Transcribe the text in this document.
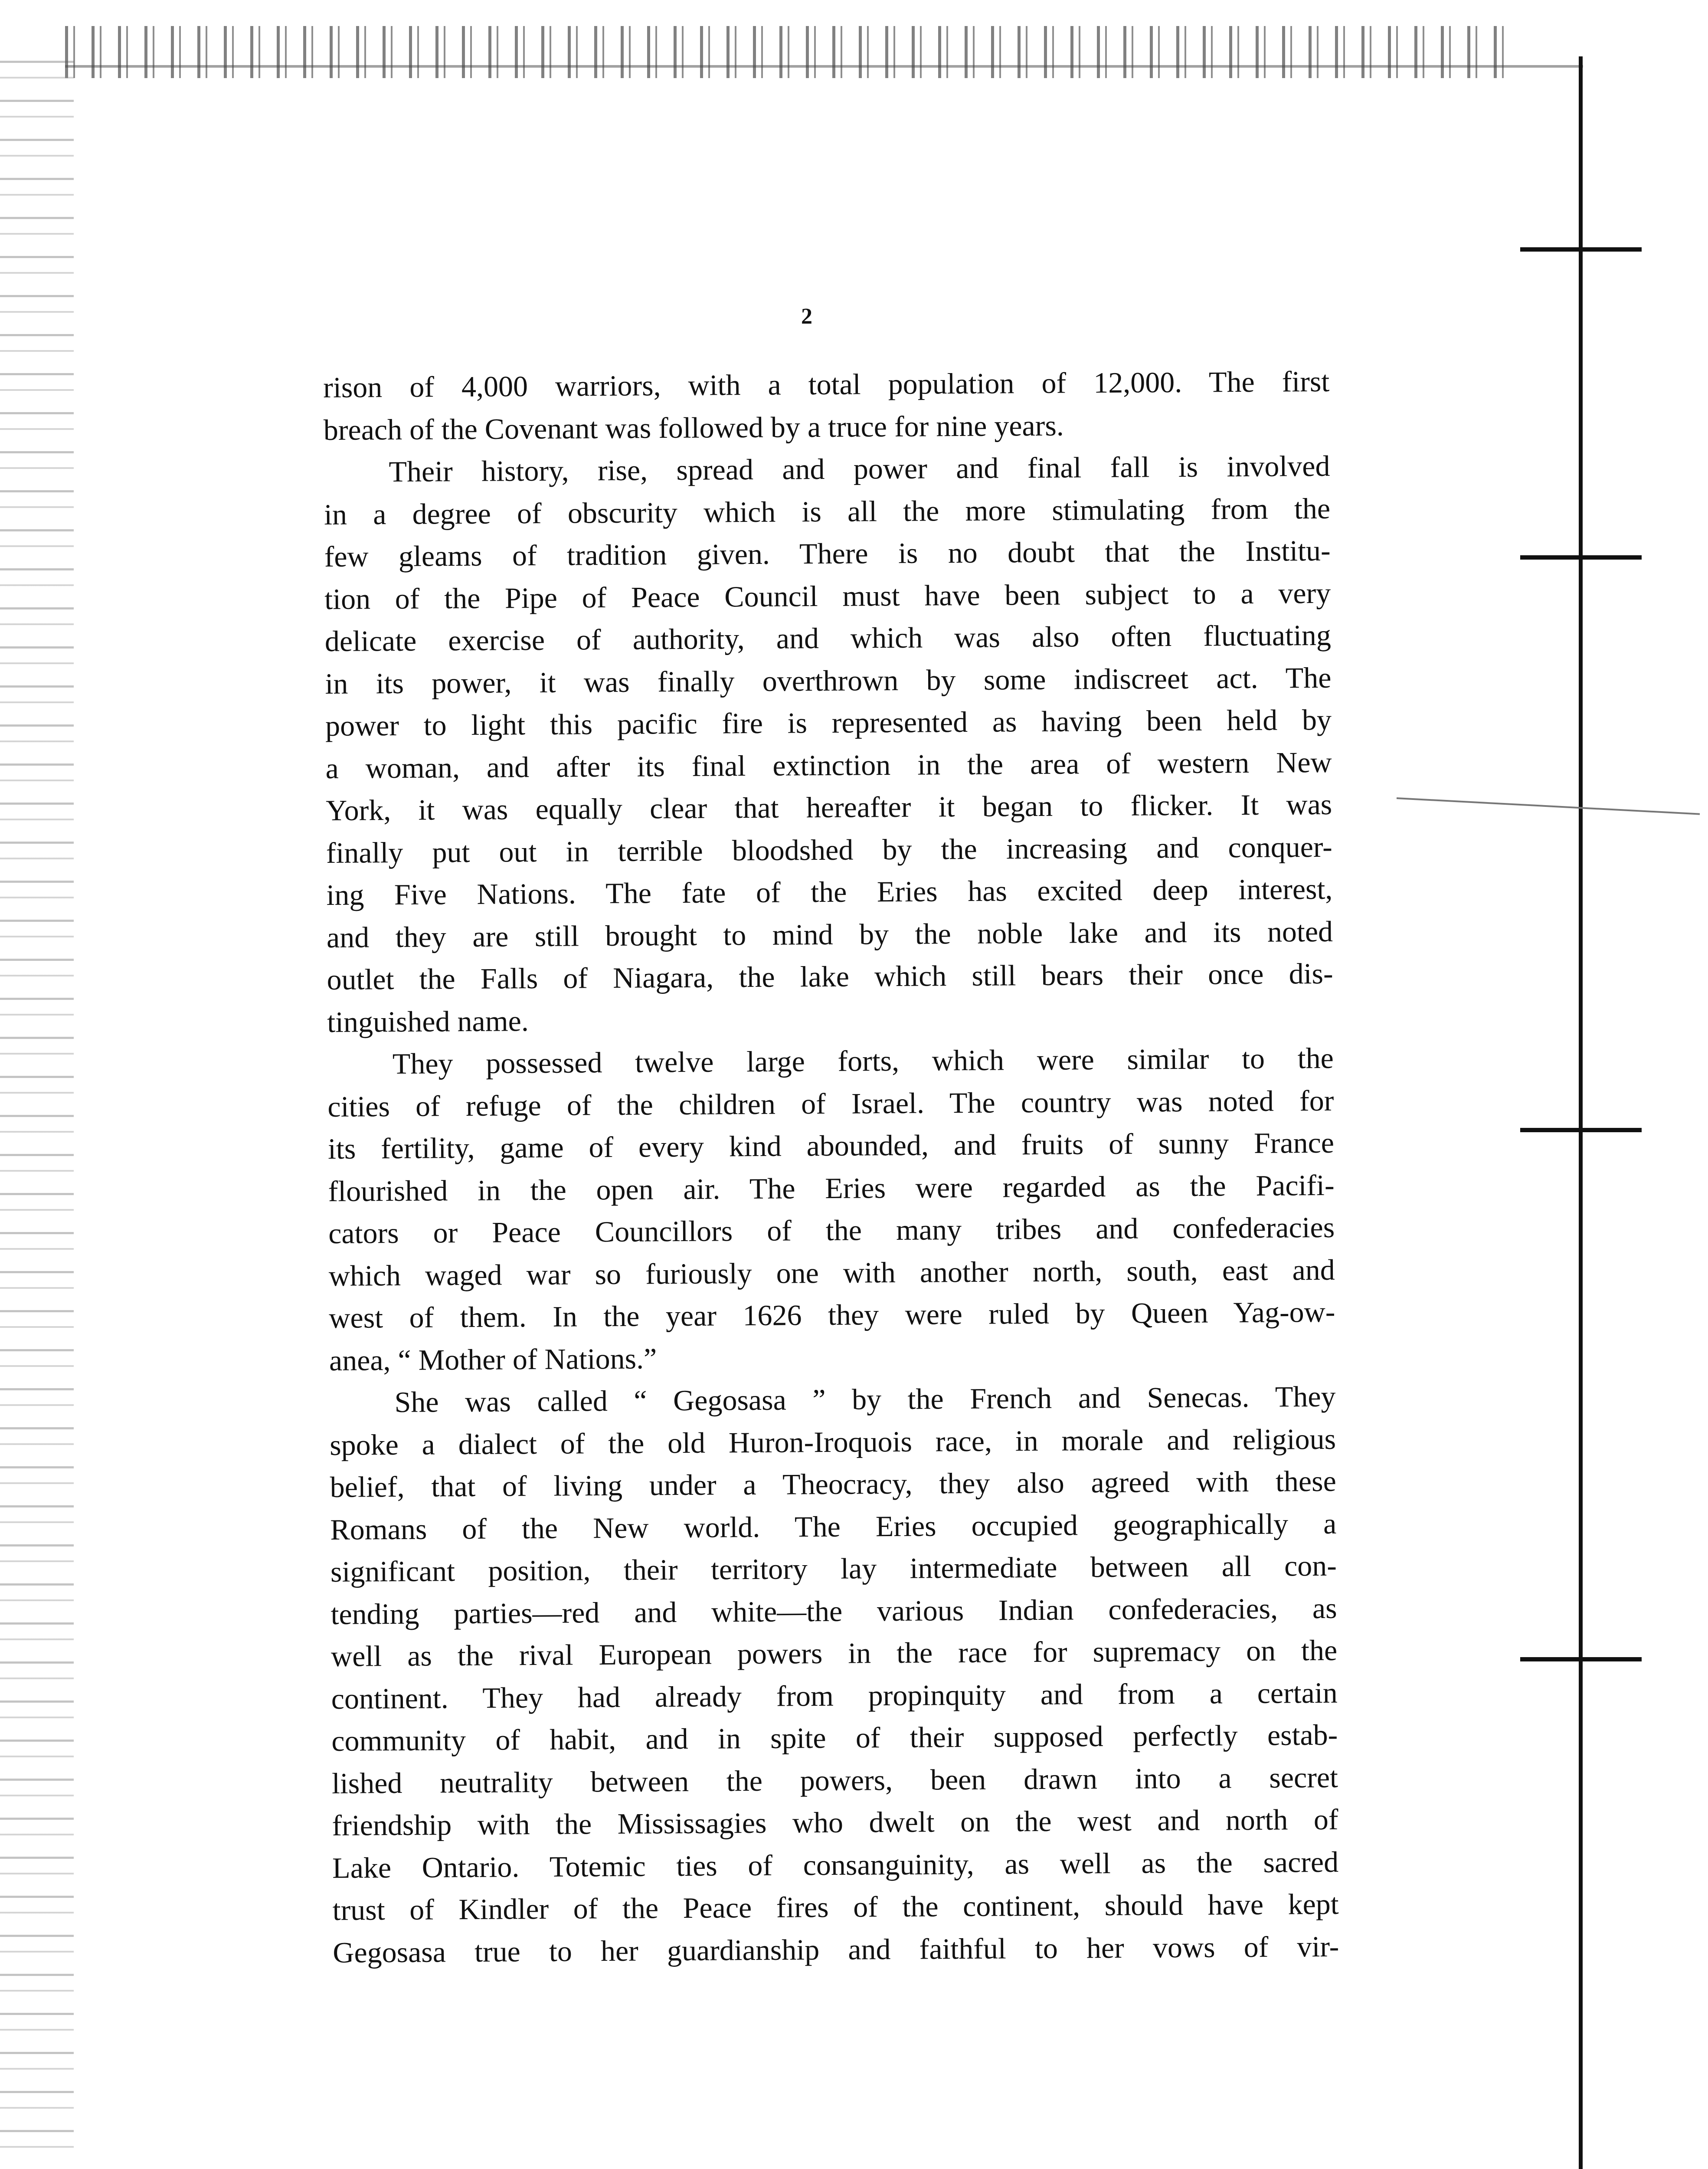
2
rison of 4,000 warriors, with a total population of 12,000. The first
breach of the Covenant was followed by a truce for nine years.
Their history, rise, spread and power and final fall is involved
in a degree of obscurity which is all the more stimulating from the
few gleams of tradition given. There is no doubt that the Institu-
tion of the Pipe of Peace Council must have been subject to a very
delicate exercise of authority, and which was also often fluctuating
in its power, it was finally overthrown by some indiscreet act. The
power to light this pacific fire is represented as having been held by
a woman, and after its final extinction in the area of western New
York, it was equally clear that hereafter it began to flicker. It was
finally put out in terrible bloodshed by the increasing and conquer-
ing Five Nations. The fate of the Eries has excited deep interest,
and they are still brought to mind by the noble lake and its noted
outlet the Falls of Niagara, the lake which still bears their once dis-
tinguished name.
They possessed twelve large forts, which were similar to the
cities of refuge of the children of Israel. The country was noted for
its fertility, game of every kind abounded, and fruits of sunny France
flourished in the open air. The Eries were regarded as the Pacifi-
cators or Peace Councillors of the many tribes and confederacies
which waged war so furiously one with another north, south, east and
west of them. In the year 1626 they were ruled by Queen Yag-ow-
anea, “ Mother of Nations.”
She was called “ Gegosasa ” by the French and Senecas. They
spoke a dialect of the old Huron-Iroquois race, in morale and religious
belief, that of living under a Theocracy, they also agreed with these
Romans of the New world. The Eries occupied geographically a
significant position, their territory lay intermediate between all con-
tending parties—red and white—the various Indian confederacies, as
well as the rival European powers in the race for supremacy on the
continent. They had already from propinquity and from a certain
community of habit, and in spite of their supposed perfectly estab-
lished neutrality between the powers, been drawn into a secret
friendship with the Mississagies who dwelt on the west and north of
Lake Ontario. Totemic ties of consanguinity, as well as the sacred
trust of Kindler of the Peace fires of the continent, should have kept
Gegosasa true to her guardianship and faithful to her vows of vir-
